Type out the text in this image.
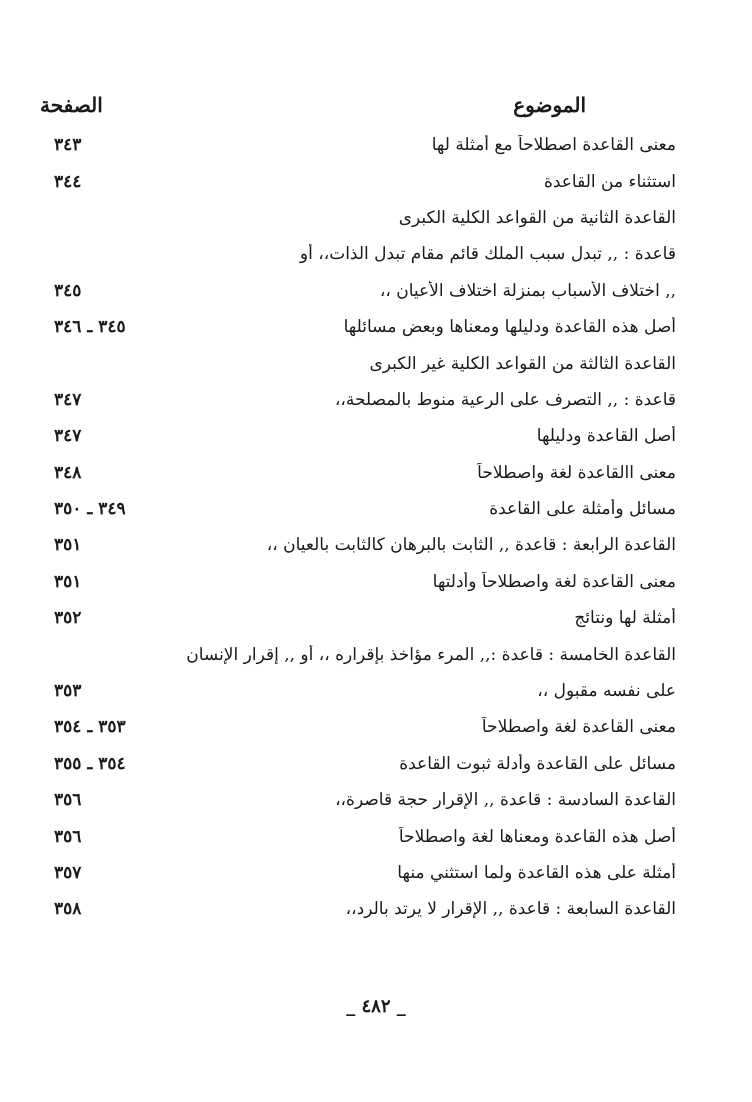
الموضوع
الصفحة
معنى القاعدة اصطلاحاً مع أمثلة لها
٣٤٣
استثناء من القاعدة
٣٤٤
القاعدة الثانية من القواعد الكلية الكبرى
قاعدة : ,, تبدل سبب الملك قائم مقام تبدل الذات،، أو
,, اختلاف الأسباب بمنزلة اختلاف الأعيان ،،
٣٤٥
أصل هذه القاعدة ودليلها ومعناها وبعض مسائلها
٣٤٥ ـ ٣٤٦
القاعدة الثالثة من القواعد الكلية غير الكبرى
قاعدة : ,, التصرف على الرعية منوط بالمصلحة،،
٣٤٧
أصل القاعدة ودليلها
٣٤٧
معنى االقاعدة لغة واصطلاحاً
٣٤٨
مسائل وأمثلة على القاعدة
٣٤٩ ـ ٣٥٠
القاعدة الرابعة : قاعدة ,, الثابت بالبرهان كالثابت بالعيان ،،
٣٥١
معنى القاعدة لغة واصطلاحاً وأدلتها
٣٥١
أمثلة لها ونتائج
٣٥٢
القاعدة الخامسة : قاعدة :,, المرء مؤاخذ بإقراره ،، أو ,, إقرار الإنسان
على نفسه مقبول ،،
٣٥٣
معنى القاعدة لغة واصطلاحاً
٣٥٣ ـ ٣٥٤
مسائل على القاعدة وأدلة ثبوت القاعدة
٣٥٤ ـ ٣٥٥
القاعدة السادسة : قاعدة ,, الإقرار حجة قاصرة،،
٣٥٦
أصل هذه القاعدة ومعناها لغة واصطلاحاً
٣٥٦
أمثلة على هذه القاعدة ولما استثني منها
٣٥٧
القاعدة السابعة : قاعدة ,, الإقرار لا يرتد بالرد،،
٣٥٨
_ ٤٨٢ _
